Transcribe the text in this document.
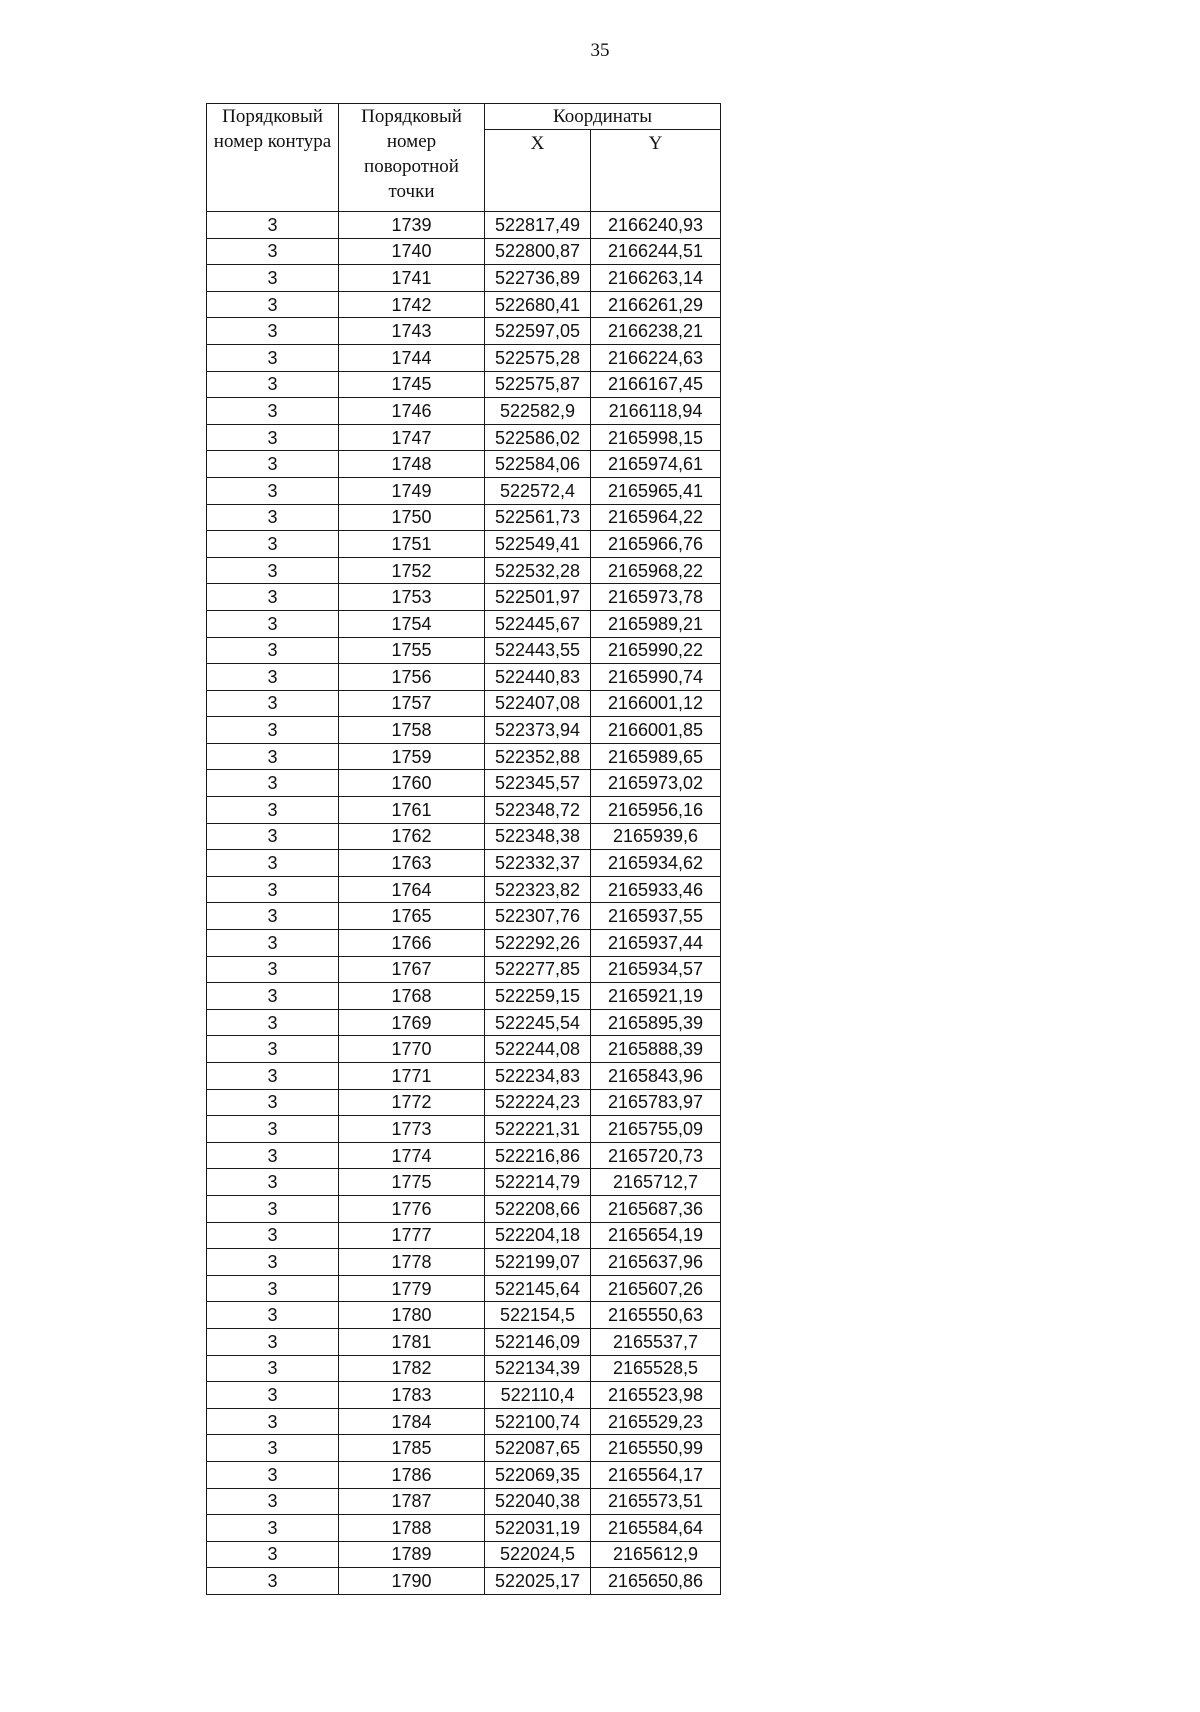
35
Порядковый номер контура	Порядковый номер поворотной точки	Координаты	
		X	Y
3	1739	522817,49	2166240,93
3	1740	522800,87	2166244,51
3	1741	522736,89	2166263,14
3	1742	522680,41	2166261,29
3	1743	522597,05	2166238,21
3	1744	522575,28	2166224,63
3	1745	522575,87	2166167,45
3	1746	522582,9	2166118,94
3	1747	522586,02	2165998,15
3	1748	522584,06	2165974,61
3	1749	522572,4	2165965,41
3	1750	522561,73	2165964,22
3	1751	522549,41	2165966,76
3	1752	522532,28	2165968,22
3	1753	522501,97	2165973,78
3	1754	522445,67	2165989,21
3	1755	522443,55	2165990,22
3	1756	522440,83	2165990,74
3	1757	522407,08	2166001,12
3	1758	522373,94	2166001,85
3	1759	522352,88	2165989,65
3	1760	522345,57	2165973,02
3	1761	522348,72	2165956,16
3	1762	522348,38	2165939,6
3	1763	522332,37	2165934,62
3	1764	522323,82	2165933,46
3	1765	522307,76	2165937,55
3	1766	522292,26	2165937,44
3	1767	522277,85	2165934,57
3	1768	522259,15	2165921,19
3	1769	522245,54	2165895,39
3	1770	522244,08	2165888,39
3	1771	522234,83	2165843,96
3	1772	522224,23	2165783,97
3	1773	522221,31	2165755,09
3	1774	522216,86	2165720,73
3	1775	522214,79	2165712,7
3	1776	522208,66	2165687,36
3	1777	522204,18	2165654,19
3	1778	522199,07	2165637,96
3	1779	522145,64	2165607,26
3	1780	522154,5	2165550,63
3	1781	522146,09	2165537,7
3	1782	522134,39	2165528,5
3	1783	522110,4	2165523,98
3	1784	522100,74	2165529,23
3	1785	522087,65	2165550,99
3	1786	522069,35	2165564,17
3	1787	522040,38	2165573,51
3	1788	522031,19	2165584,64
3	1789	522024,5	2165612,9
3	1790	522025,17	2165650,86
